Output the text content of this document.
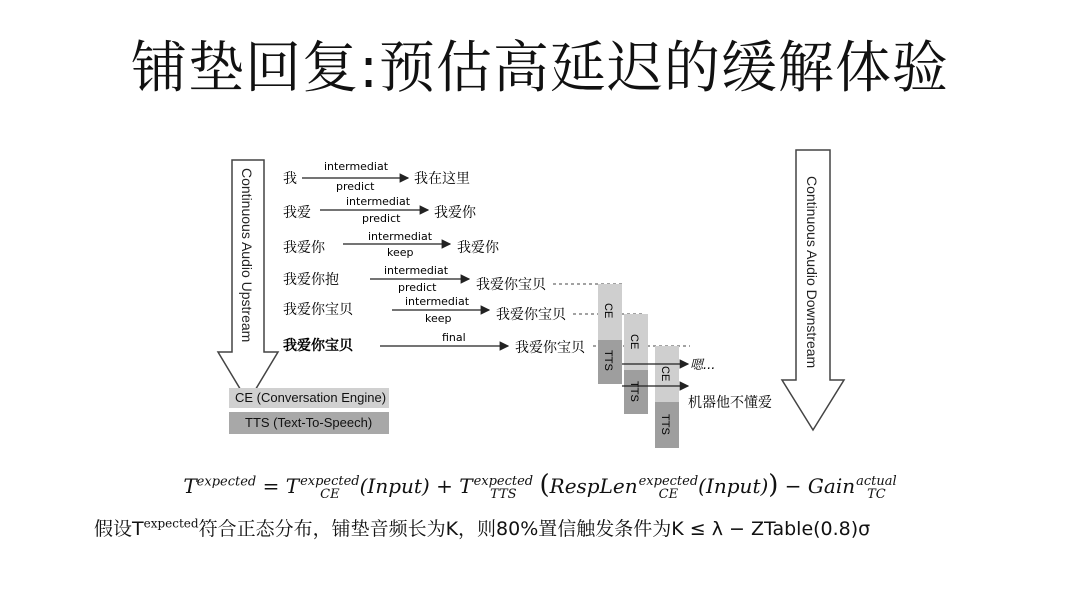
铺垫回复:预估高延迟的缓解体验
Continuous Audio Upstream	Continuous Audio Downstream
我
intermediat
predict	我在这里
我爱
intermediat
predict 我爱你
我爱你
intermediat
keep	我爱你
我爱你抱
intermediat
predict	我爱你宝贝
我爱你宝贝
intermediat
keep	我爱你宝贝
我爱你宝贝
final
我爱你宝贝
CE
TTS
CE
TTS
CE
TTS
嗯...
机器他不懂爱
CE (Conversation Engine)
TTS (Text-To-Speech)
$T^{expected} = T$ expected
CE	(Input) + T expected
TTS (RespLen expected
CE	(Input)) − Gain actual
TC
假设$T^{expected}$符合正态分布，铺垫音频长为K，则80%置信触发条件为K ≤ λ − ZTable(0.8)σ
